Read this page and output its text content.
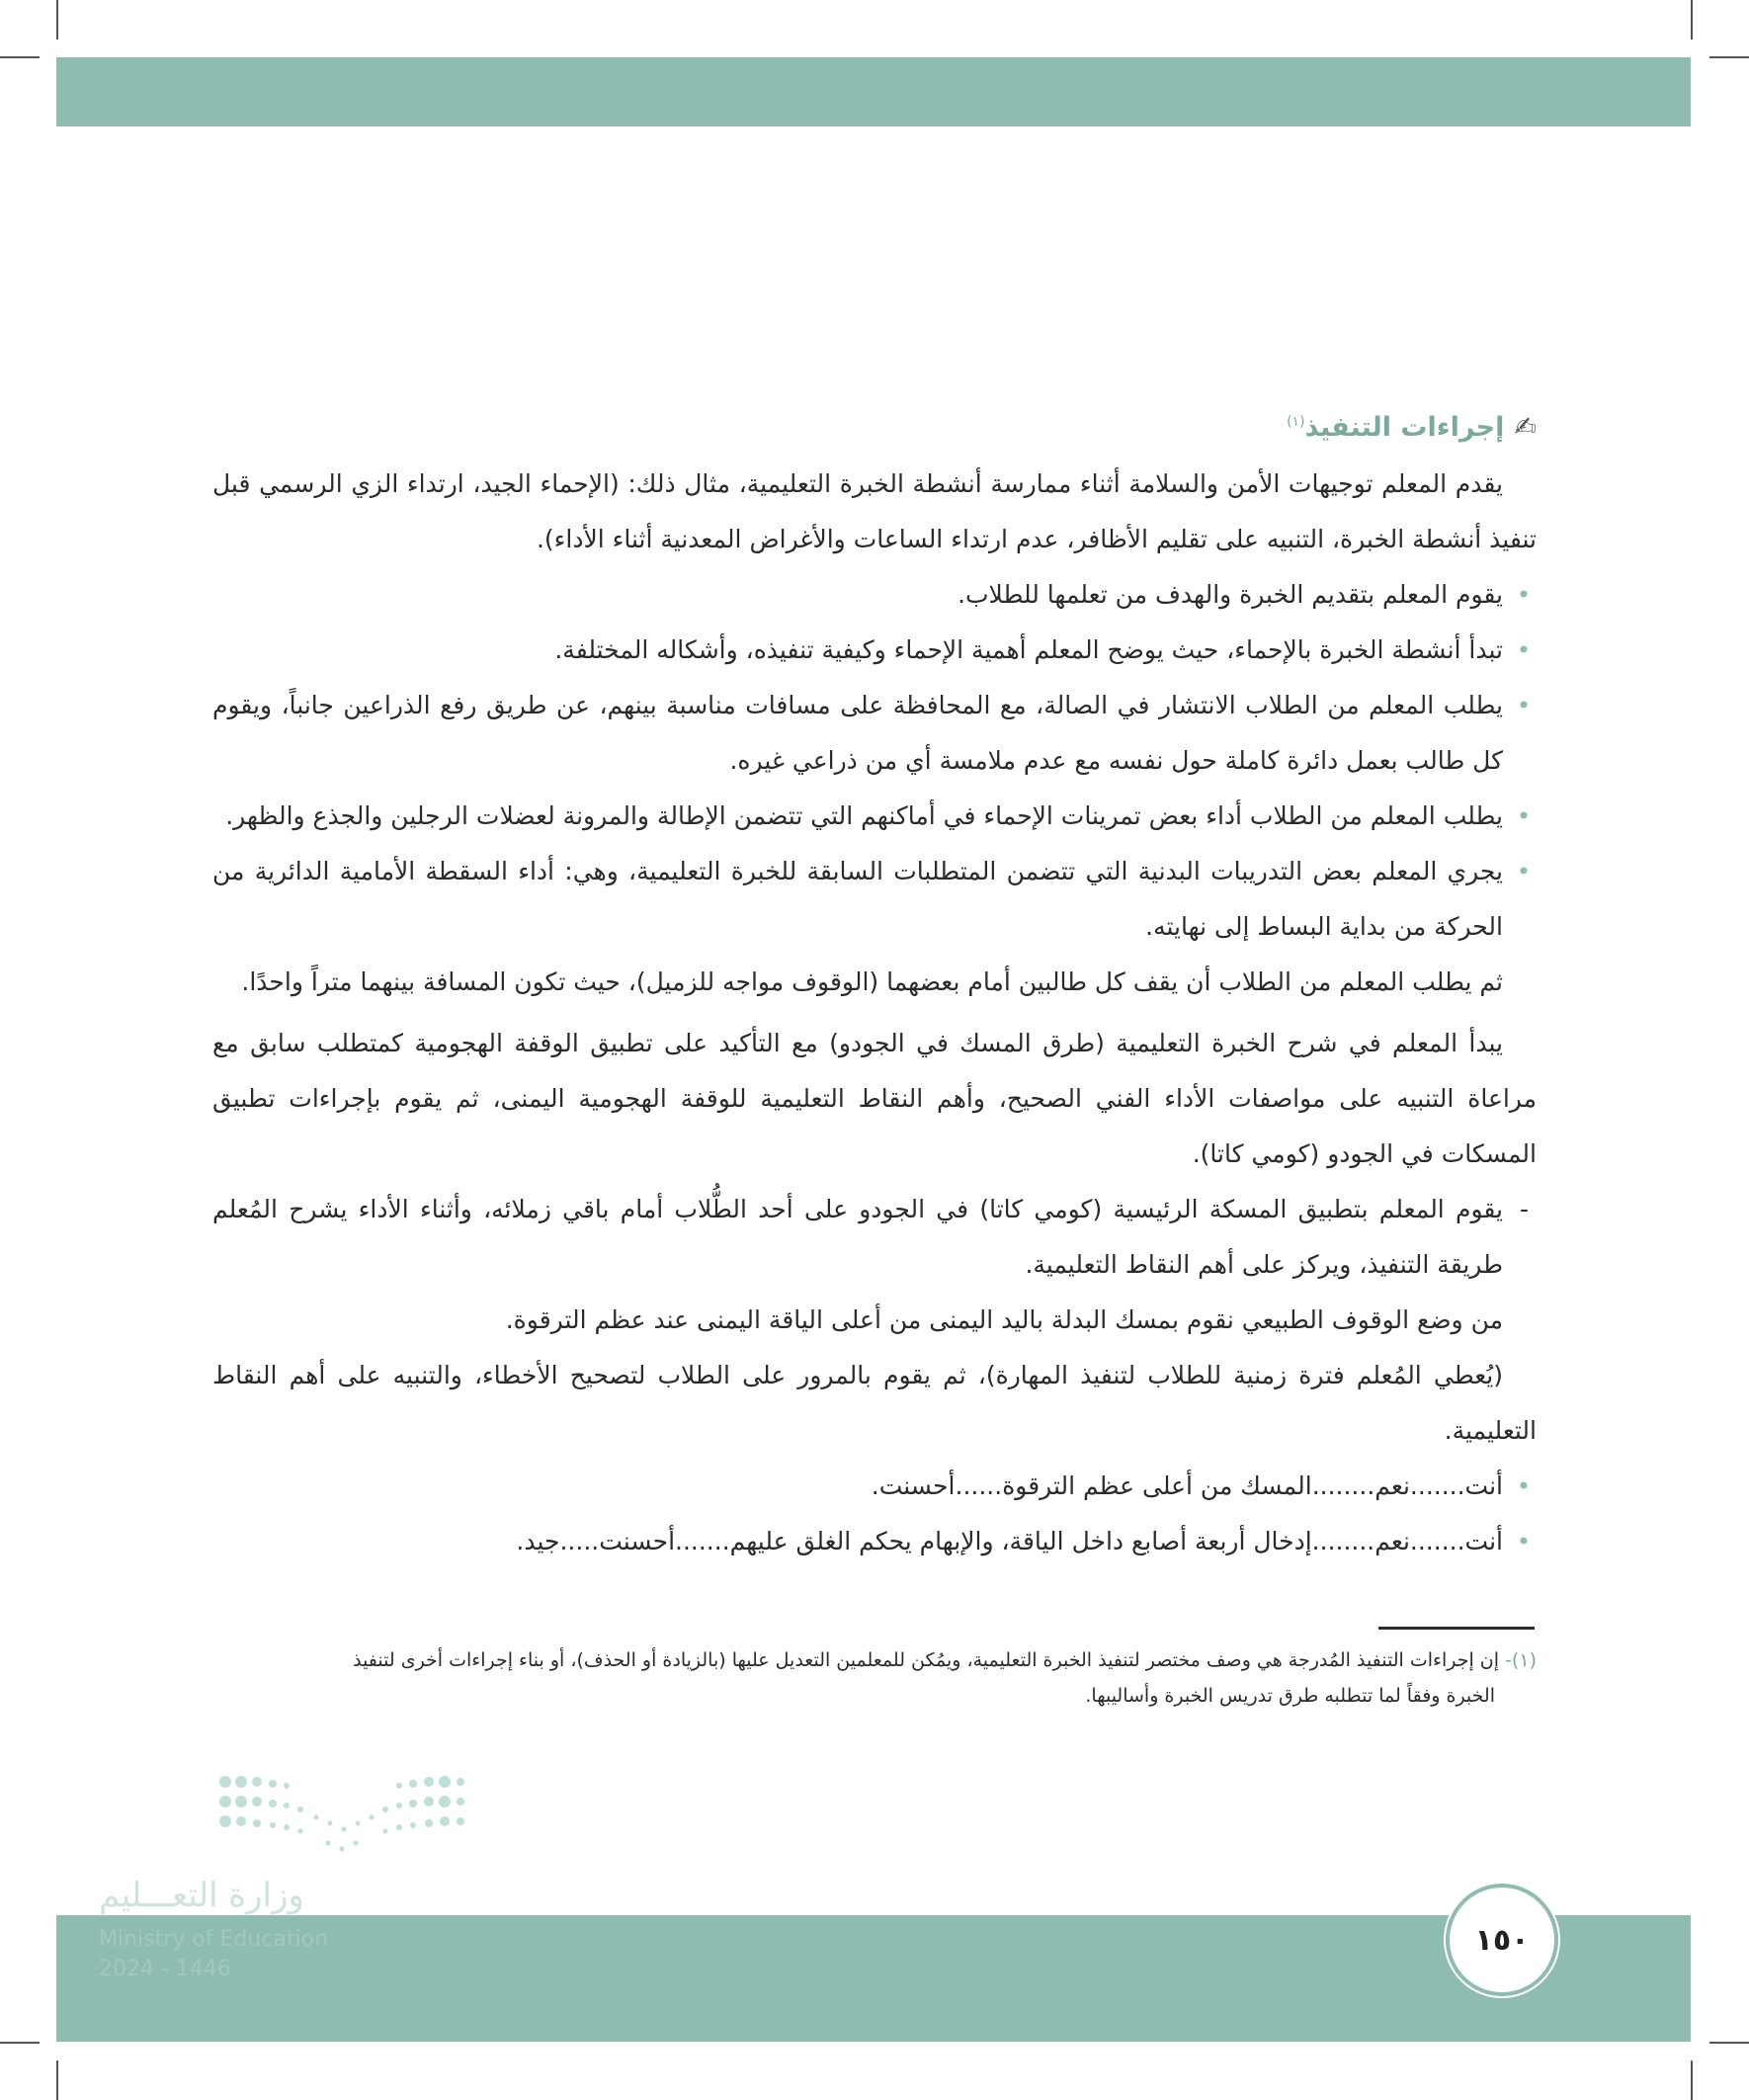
✍إجراءات التنفيذ$^{(١)}$

يقدم المعلم توجيهات الأمن والسلامة أثناء ممارسة أنشطة الخبرة التعليمية، مثال ذلك: (الإحماء الجيد، ارتداء الزي الرسمي قبل تنفيذ أنشطة الخبرة، التنبيه على تقليم الأظافر، عدم ارتداء الساعات والأغراض المعدنية أثناء الأداء).

• يقوم المعلم بتقديم الخبرة والهدف من تعلمها للطلاب.
• تبدأ أنشطة الخبرة بالإحماء، حيث يوضح المعلم أهمية الإحماء وكيفية تنفيذه، وأشكاله المختلفة.
• يطلب المعلم من الطلاب الانتشار في الصالة، مع المحافظة على مسافات مناسبة بينهم، عن طريق رفع الذراعين جانباً، ويقوم كل طالب بعمل دائرة كاملة حول نفسه مع عدم ملامسة أي من ذراعي غيره.
• يطلب المعلم من الطلاب أداء بعض تمرينات الإحماء في أماكنهم التي تتضمن الإطالة والمرونة لعضلات الرجلين والجذع والظهر.
• يجري المعلم بعض التدريبات البدنية التي تتضمن المتطلبات السابقة للخبرة التعليمية، وهي: أداء السقطة الأمامية الدائرية من الحركة من بداية البساط إلى نهايته.

ثم يطلب المعلم من الطلاب أن يقف كل طالبين أمام بعضهما (الوقوف مواجه للزميل)، حيث تكون المسافة بينهما متراً واحدًا.

يبدأ المعلم في شرح الخبرة التعليمية (طرق المسك في الجودو) مع التأكيد على تطبيق الوقفة الهجومية كمتطلب سابق مع مراعاة التنبيه على مواصفات الأداء الفني الصحيح، وأهم النقاط التعليمية للوقفة الهجومية اليمنى، ثم يقوم بإجراءات تطبيق المسكات في الجودو (كومي كاتا).

- يقوم المعلم بتطبيق المسكة الرئيسية (كومي كاتا) في الجودو على أحد الطُّلاب أمام باقي زملائه، وأثناء الأداء يشرح المُعلم طريقة التنفيذ، ويركز على أهم النقاط التعليمية.

من وضع الوقوف الطبيعي نقوم بمسك البدلة باليد اليمنى من أعلى الياقة اليمنى عند عظم الترقوة.

(يُعطي المُعلم فترة زمنية للطلاب لتنفيذ المهارة)، ثم يقوم بالمرور على الطلاب لتصحيح الأخطاء، والتنبيه على أهم النقاط التعليمية.

• أنت.......نعم........المسك من أعلى عظم الترقوة......أحسنت.
• أنت.......نعم........إدخال أربعة أصابع داخل الياقة، والإبهام يحكم الغلق عليهم.......أحسنت.....جيد.
(١)- إن إجراءات التنفيذ المُدرجة هي وصف مختصر لتنفيذ الخبرة التعليمية، ويمُكن للمعلمين التعديل عليها (بالزيادة أو الحذف)، أو بناء إجراءات أخرى لتنفيذ
الخبرة وفقاً لما تتطلبه طرق تدريس الخبرة وأساليبها.
وزارة التعـــليم
Ministry of Education
2024 - 1446
١٥٠
